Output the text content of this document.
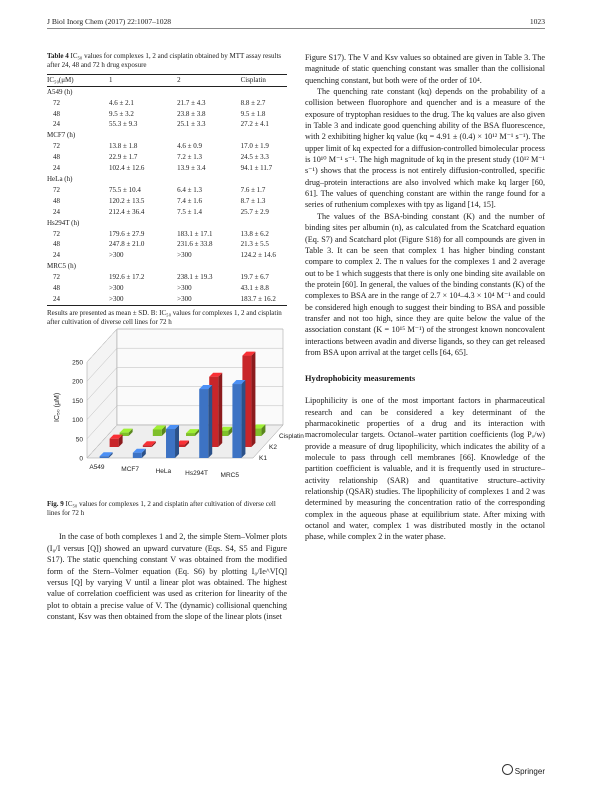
J Biol Inorg Chem (2017) 22:1007–1028	1023
Table 4 IC₅₀ values for complexes 1, 2 and cisplatin obtained by MTT assay results after 24, 48 and 72 h drug exposure
IC₅₀(μM)	1	2	Cisplatin
A549 (h)			
72	4.6 ± 2.1	21.7 ± 4.3	8.8 ± 2.7
48	9.5 ± 3.2	23.8 ± 3.8	9.5 ± 1.8
24	55.3 ± 9.3	25.1 ± 3.3	27.2 ± 4.1
MCF7 (h)			
72	13.8 ± 1.8	4.6 ± 0.9	17.0 ± 1.9
48	22.9 ± 1.7	7.2 ± 1.3	24.5 ± 3.3
24	102.4 ± 12.6	13.9 ± 3.4	94.1 ± 11.7
HeLa (h)			
72	75.5 ± 10.4	6.4 ± 1.3	7.6 ± 1.7
48	120.2 ± 13.5	7.4 ± 1.6	8.7 ± 1.3
24	212.4 ± 36.4	7.5 ± 1.4	25.7 ± 2.9
Hs294T (h)			
72	179.6 ± 27.9	183.1 ± 17.1	13.8 ± 6.2
48	247.8 ± 21.0	231.6 ± 33.8	21.3 ± 5.5
24	>300	>300	124.2 ± 14.6
MRC5 (h)			
72	192.6 ± 17.2	238.1 ± 19.3	19.7 ± 6.7
48	>300	>300	43.1 ± 8.8
24	>300	>300	183.7 ± 16.2
Results are presented as mean ± SD. B: IC₅₀ values for complexes 1, 2 and cisplatin after cultivation of diverse cell lines for 72 h
0
50
100
150
200
250
IC₅₀ (μM)
Cisplatin
K2
K1
A549	MCF7	HeLa Hs294T MRC5
Fig. 9 IC₅₀ values for complexes 1, 2 and cisplatin after cultivation of diverse cell lines for 72 h

In the case of both complexes 1 and 2, the simple Stern–Volmer plots (I₀/I versus [Q]) showed an upward curvature (Eqs. S4, S5 and Figure S17). The static quenching constant V was obtained from the modified form of the Stern–Volmer equation (Eq. S6) by plotting I₀/Ie^V[Q] versus [Q] by varying V until a linear plot was obtained. The highest value of correlation coefficient was used as criterion for linearity of the plot to obtain a precise value of V. The (dynamic) collisional quenching constant, Ksv was then obtained from the slope of the linear plots (inset

Figure S17). The V and Ksv values so obtained are given in Table 3. The magnitude of static quenching constant was smaller than the collisional quenching constant, but both were of the order of 10⁴.

The quenching rate constant (kq) depends on the probability of a collision between fluorophore and quencher and is a measure of the exposure of tryptophan residues to the drug. The kq values are also given in Table 3 and indicate good quenching ability of the BSA fluorescence, with 2 exhibiting higher kq value (kq = 4.91 ± (0.4) × 10¹² M⁻¹ s⁻¹). The upper limit of kq expected for a diffusion-controlled bimolecular process is 10¹⁰ M⁻¹ s⁻¹. The high magnitude of kq in the present study (10¹² M⁻¹ s⁻¹) shows that the process is not entirely diffusion-controlled, specific drug–protein interactions are also involved which make kq larger [60, 61]. The values of quenching constant are within the range found for a series of ruthenium complexes with tpy as ligand [14, 15].

The values of the BSA-binding constant (K) and the number of binding sites per albumin (n), as calculated from the Scatchard equation (Eq. S7) and Scatchard plot (Figure S18) for all compounds are given in Table 3. It can be seen that complex 1 has higher binding constant compare to complex 2. The n values for the complexes 1 and 2 average out to be 1 which suggests that there is only one binding site available on the protein [60]. In general, the values of the binding constants (K) of the complexes to BSA are in the range of 2.7 × 10⁴–4.3 × 10⁴ M⁻¹ and could be considered high enough to suggest their binding to BSA and possible transfer and not too high, since they are quite below the value of the association constant (K = 10¹⁵ M⁻¹) of the strongest known noncovalent interactions between avadin and diverse ligands, so they can get released from BSA upon arrival at the target cells [64, 65].

Hydrophobicity measurements

Lipophilicity is one of the most important factors in pharmaceutical research and can be considered a key determinant of the pharmacokinetic properties of a drug and its interaction with macromolecular targets. Octanol–water partition coefficients (log Pₒ/w) provide a measure of drug lipophilicity, which indicates the ability of a molecule to pass through cell membranes [66]. Knowledge of the partition coefficient is valuable, and it is frequently used in structure–activity relationship (SAR) and quantitative structure–activity relationship (QSAR) studies. The lipophilicity of complexes 1 and 2 was determined by measuring the concentration ratio of the corresponding complex in the aqueous phase at equilibrium state. After mixing with octanol and water, complex 1 was distributed mostly in the octanol phase, while complex 2 in the water phase.

Springer
